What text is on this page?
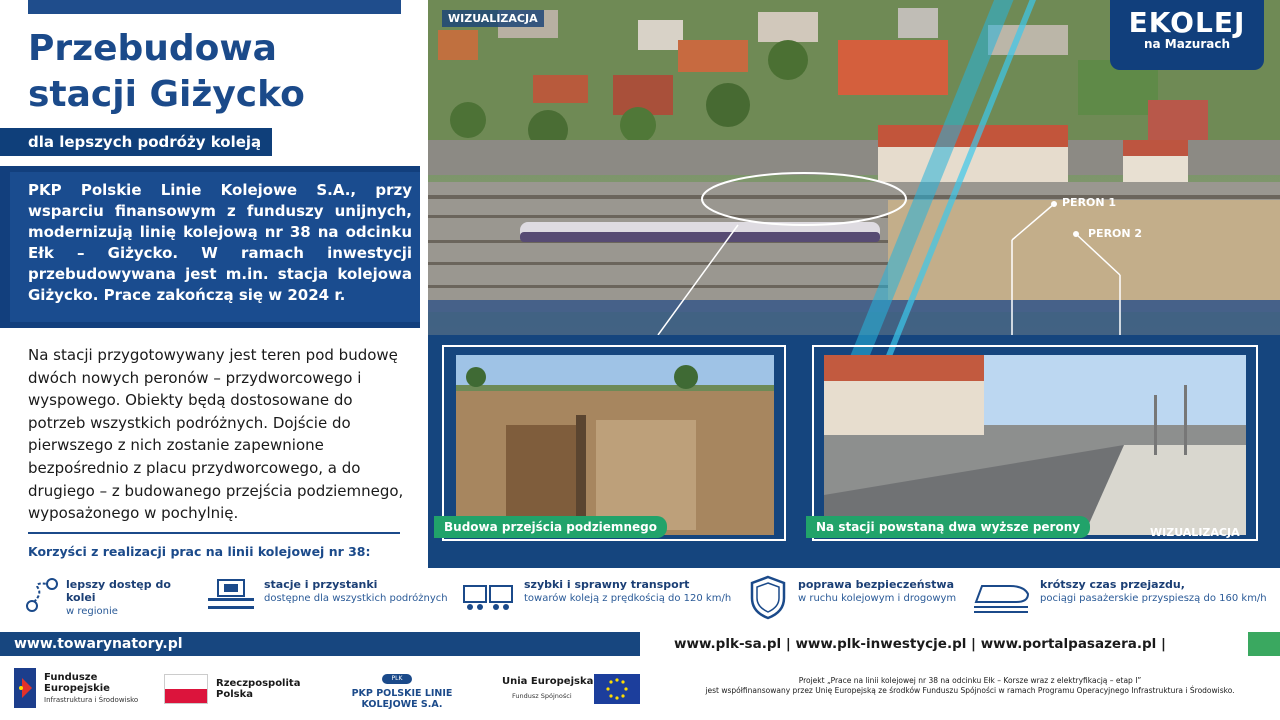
Przebudowa
stacji Giżycko
dla lepszych podróży koleją
PKP Polskie Linie Kolejowe S.A., przy wsparciu finansowym z funduszy unijnych, modernizują linię kolejową nr 38 na odcinku Ełk – Giżycko. W ramach inwestycji przebudowywana jest m.in. stacja kolejowa Giżycko. Prace zakończą się w 2024 r.
Na stacji przygotowywany jest teren pod budowę dwóch nowych peronów – przydworcowego i wyspowego. Obiekty będą dostosowane do potrzeb wszystkich podróżnych. Dojście do pierwszego z nich zostanie zapewnione bezpośrednio z placu przydworcowego, a do drugiego – z budowanego przejścia podziemnego, wyposażonego w pochylnię.
Korzyści z realizacji prac na linii kolejowej nr 38:
WIZUALIZACJA
PERON 1
PERON 2
EKOLEJ
na Mazurach
Budowa przejścia podziemnego	Na stacji powstaną dwa wyższe perony	WIZUALIZACJA
lepszy dostęp do kolei
w regionie
stacje i przystanki
dostępne dla wszystkich podróżnych
szybki i sprawny transport
towarów koleją z prędkością do 120 km/h
poprawa bezpieczeństwa
w ruchu kolejowym i drogowym
krótszy czas przejazdu,
pociągi pasażerskie przyspieszą do 160 km/h
www.towarynatory.pl	www.plk-sa.pl | www.plk-inwestycje.pl | www.portalpasazera.pl |
Fundusze Europejskie
Infrastruktura i Środowisko
Rzeczpospolita Polska
PLK
PKP POLSKIE LINIE KOLEJOWE S.A.
Unia Europejska
Fundusz Spójności
Projekt „Prace na linii kolejowej nr 38 na odcinku Ełk – Korsze wraz z elektryfikacją – etap I”
jest współfinansowany przez Unię Europejską ze środków Funduszu Spójności w ramach Programu Operacyjnego Infrastruktura i Środowisko.
